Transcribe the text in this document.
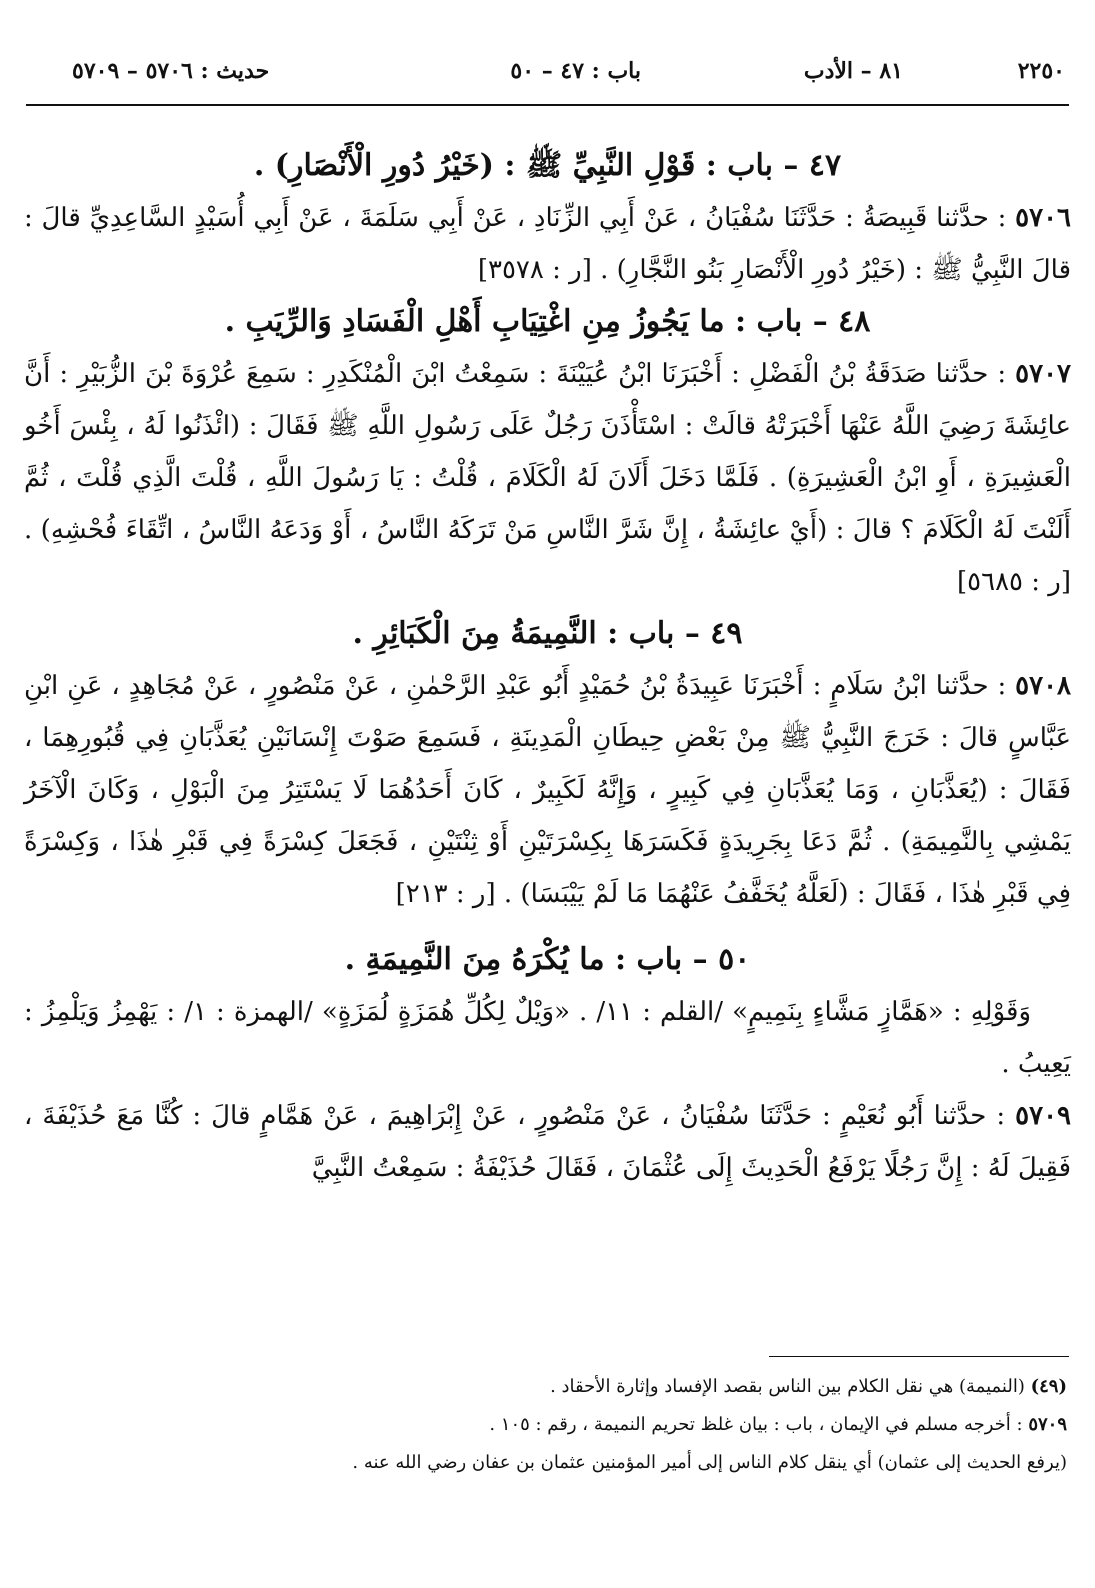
٢٢٥٠
٨١ – الأدب
باب : ٤٧ – ٥٠
حديث : ٥٧٠٦ – ٥٧٠٩
٤٧ – باب : قَوْلِ النَّبِيِّ ﷺ : (خَيْرُ دُورِ الْأَنْصَارِ) .

٥٧٠٦ : حدَّثنا قَبِيصَةُ : حَدَّثَنَا سُفْيَانُ ، عَنْ أَبِي الزِّنَادِ ، عَنْ أَبِي سَلَمَةَ ، عَنْ أَبِي أُسَيْدٍ السَّاعِدِيِّ قالَ : قالَ النَّبِيُّ ﷺ : (خَيْرُ دُورِ الْأَنْصَارِ بَنُو النَّجَّارِ) . [ر : ٣٥٧٨]

٤٨ – باب : ما يَجُوزُ مِنِ اغْتِيَابِ أَهْلِ الْفَسَادِ وَالرِّيَبِ .

٥٧٠٧ : حدَّثنا صَدَقَةُ بْنُ الْفَضْلِ : أَخْبَرَنَا ابْنُ عُيَيْنَةَ : سَمِعْتُ ابْنَ الْمُنْكَدِرِ : سَمِعَ عُرْوَةَ بْنَ الزُّبَيْرِ : أَنَّ عائِشَةَ رَضِيَ اللَّهُ عَنْهَا أَخْبَرَتْهُ قالَتْ : اسْتَأْذَنَ رَجُلٌ عَلَى رَسُولِ اللَّهِ ﷺ فَقَالَ : (ائْذَنُوا لَهُ ، بِئْسَ أَخُو الْعَشِيرَةِ ، أَوِ ابْنُ الْعَشِيرَةِ) . فَلَمَّا دَخَلَ أَلَانَ لَهُ الْكَلَامَ ، قُلْتُ : يَا رَسُولَ اللَّهِ ، قُلْتَ الَّذِي قُلْتَ ، ثُمَّ أَلَنْتَ لَهُ الْكَلَامَ ؟ قالَ : (أَيْ عائِشَةُ ، إِنَّ شَرَّ النَّاسِ مَنْ تَرَكَهُ النَّاسُ ، أَوْ وَدَعَهُ النَّاسُ ، اتِّقَاءَ فُحْشِهِ) . [ر : ٥٦٨٥]

٤٩ – باب : النَّمِيمَةُ مِنَ الْكَبَائِرِ .

٥٧٠٨ : حدَّثنا ابْنُ سَلَامٍ : أَخْبَرَنَا عَبِيدَةُ بْنُ حُمَيْدٍ أَبُو عَبْدِ الرَّحْمٰنِ ، عَنْ مَنْصُورٍ ، عَنْ مُجَاهِدٍ ، عَنِ ابْنِ عَبَّاسٍ قالَ : خَرَجَ النَّبِيُّ ﷺ مِنْ بَعْضِ حِيطَانِ الْمَدِينَةِ ، فَسَمِعَ صَوْتَ إِنْسَانَيْنِ يُعَذَّبَانِ فِي قُبُورِهِمَا ، فَقَالَ : (يُعَذَّبَانِ ، وَمَا يُعَذَّبَانِ فِي كَبِيرٍ ، وَإِنَّهُ لَكَبِيرٌ ، كَانَ أَحَدُهُمَا لَا يَسْتَتِرُ مِنَ الْبَوْلِ ، وَكَانَ الْآخَرُ يَمْشِي بِالنَّمِيمَةِ) . ثُمَّ دَعَا بِجَرِيدَةٍ فَكَسَرَهَا بِكِسْرَتَيْنِ أَوْ ثِنْتَيْنِ ، فَجَعَلَ كِسْرَةً فِي قَبْرِ هٰذَا ، وَكِسْرَةً فِي قَبْرِ هٰذَا ، فَقَالَ : (لَعَلَّهُ يُخَفَّفُ عَنْهُمَا مَا لَمْ يَيْبَسَا) . [ر : ٢١٣]

٥٠ – باب : ما يُكْرَهُ مِنَ النَّمِيمَةِ .

وَقَوْلِهِ : «هَمَّازٍ مَشَّاءٍ بِنَمِيمٍ» /القلم : ١١/ . «وَيْلٌ لِكُلِّ هُمَزَةٍ لُمَزَةٍ» /الهمزة : ١/ : يَهْمِزُ وَيَلْمِزُ : يَعِيبُ .

٥٧٠٩ : حدَّثنا أَبُو نُعَيْمٍ : حَدَّثَنَا سُفْيَانُ ، عَنْ مَنْصُورٍ ، عَنْ إِبْرَاهِيمَ ، عَنْ هَمَّامٍ قالَ : كُنَّا مَعَ حُذَيْفَةَ ، فَقِيلَ لَهُ : إِنَّ رَجُلًا يَرْفَعُ الْحَدِيثَ إِلَى عُثْمَانَ ، فَقَالَ حُذَيْفَةُ : سَمِعْتُ النَّبِيَّ

(٤٩) (النميمة) هي نقل الكلام بين الناس بقصد الإفساد وإثارة الأحقاد .

٥٧٠٩ : أخرجه مسلم في الإيمان ، باب : بيان غلظ تحريم النميمة ، رقم : ١٠٥ .

(يرفع الحديث إلى عثمان) أي ينقل كلام الناس إلى أمير المؤمنين عثمان بن عفان رضي الله عنه .
